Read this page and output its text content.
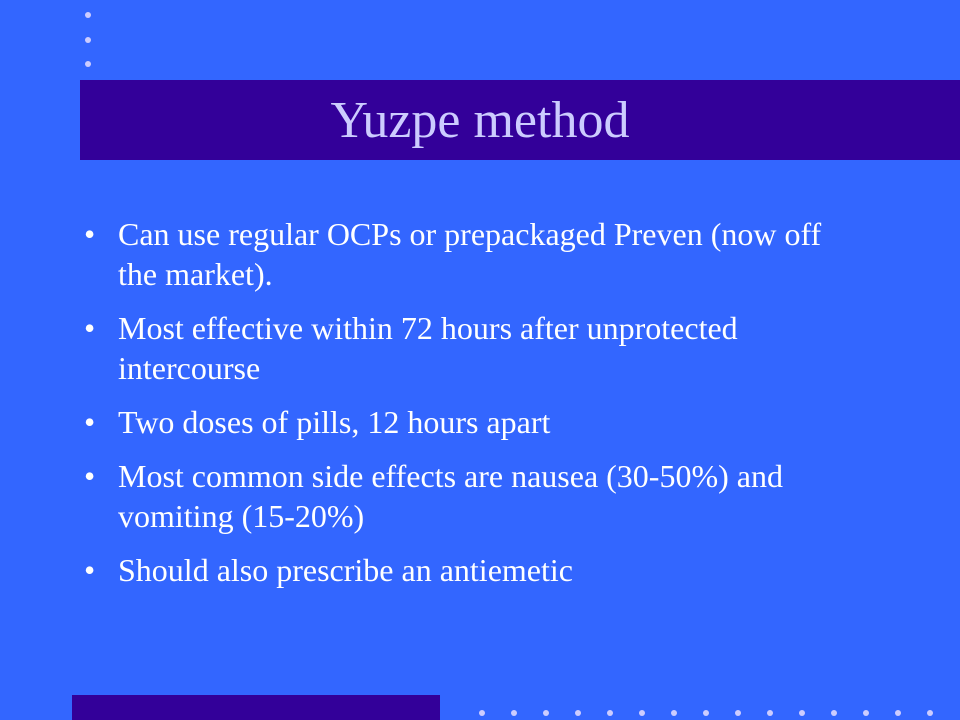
Yuzpe method
• Can use regular OCPs or prepackaged Preven (now off the market).
• Most effective within 72 hours after unprotected intercourse
• Two doses of pills, 12 hours apart
• Most common side effects are nausea (30-50%) and vomiting (15-20%)
• Should also prescribe an antiemetic
